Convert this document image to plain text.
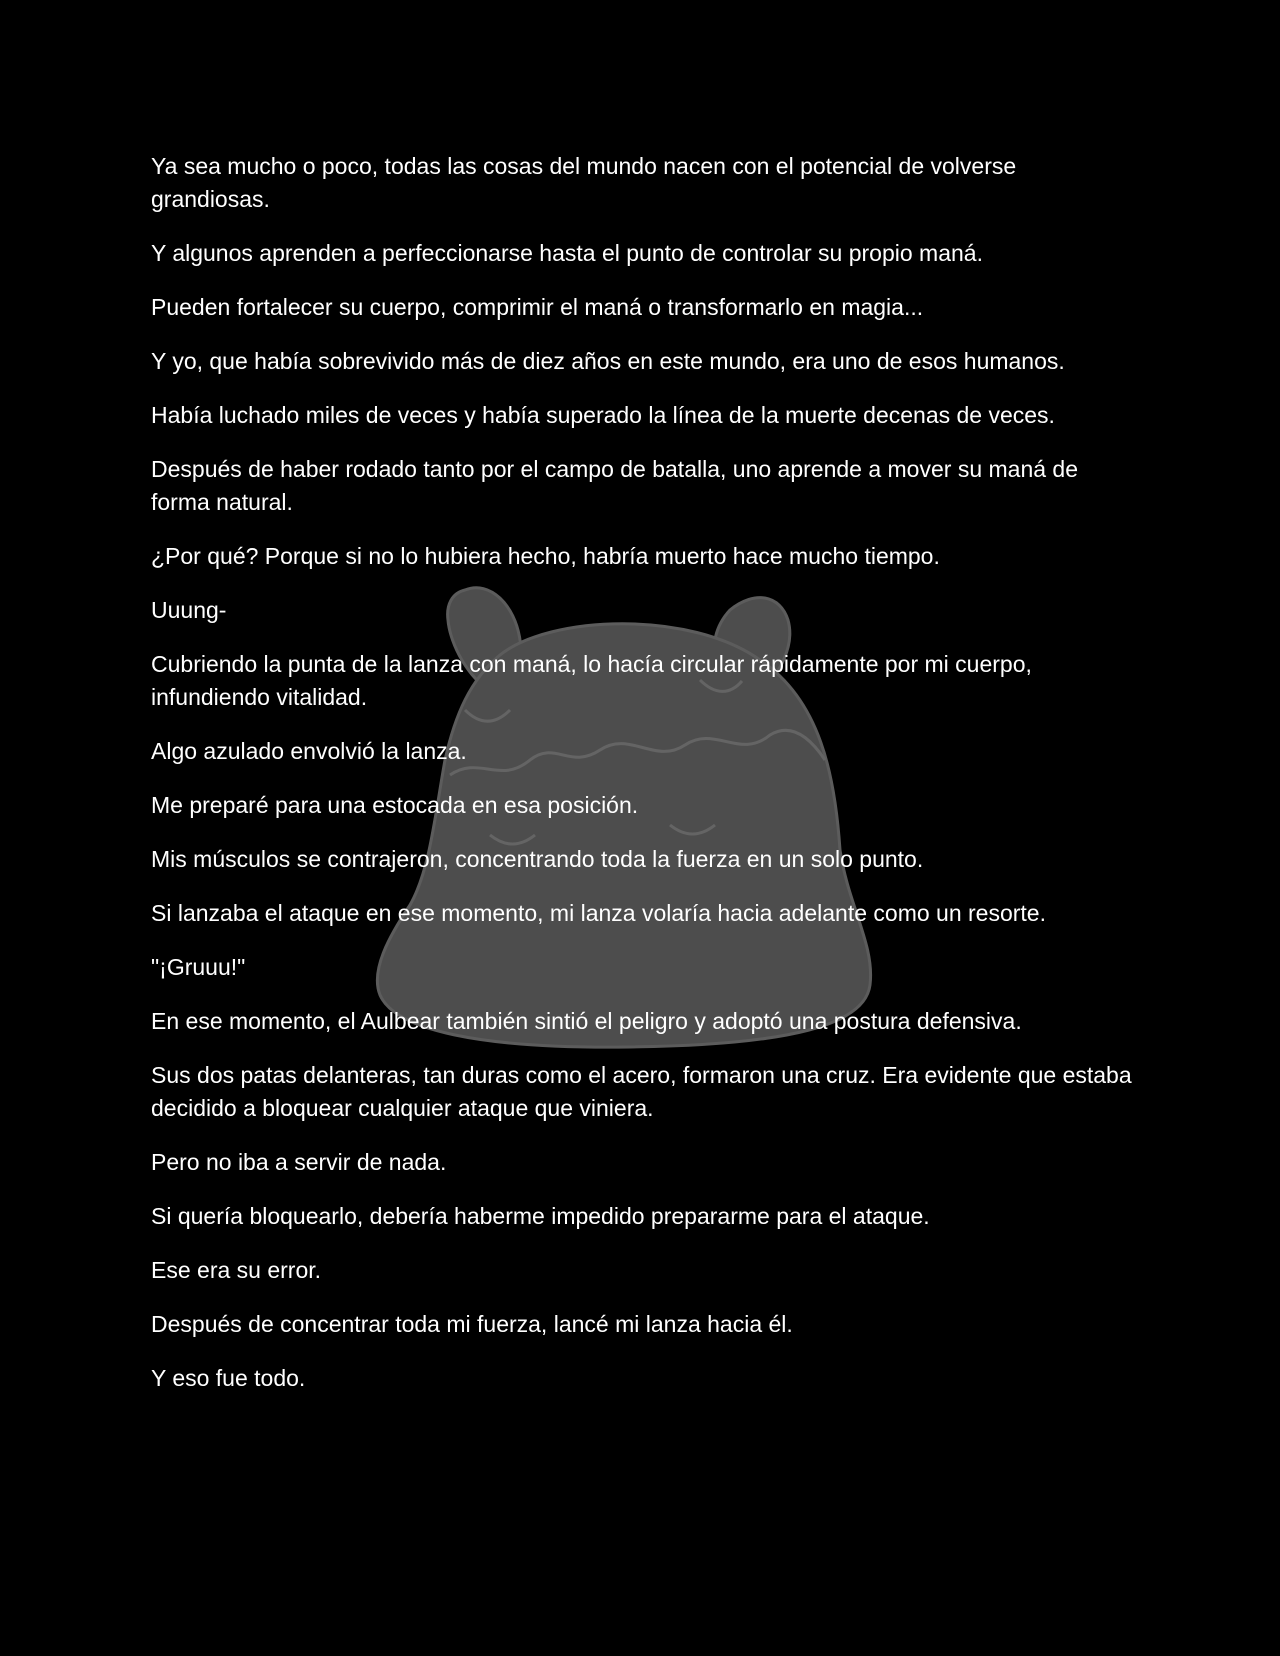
Ya sea mucho o poco, todas las cosas del mundo nacen con el potencial de volverse grandiosas.

Y algunos aprenden a perfeccionarse hasta el punto de controlar su propio maná.

Pueden fortalecer su cuerpo, comprimir el maná o transformarlo en magia...

Y yo, que había sobrevivido más de diez años en este mundo, era uno de esos humanos.

Había luchado miles de veces y había superado la línea de la muerte decenas de veces.

Después de haber rodado tanto por el campo de batalla, uno aprende a mover su maná de forma natural.

¿Por qué? Porque si no lo hubiera hecho, habría muerto hace mucho tiempo.

Uuung-

Cubriendo la punta de la lanza con maná, lo hacía circular rápidamente por mi cuerpo, infundiendo vitalidad.

Algo azulado envolvió la lanza.

Me preparé para una estocada en esa posición.

Mis músculos se contrajeron, concentrando toda la fuerza en un solo punto.

Si lanzaba el ataque en ese momento, mi lanza volaría hacia adelante como un resorte.

"¡Gruuu!"

En ese momento, el Aulbear también sintió el peligro y adoptó una postura defensiva.

Sus dos patas delanteras, tan duras como el acero, formaron una cruz. Era evidente que estaba decidido a bloquear cualquier ataque que viniera.

Pero no iba a servir de nada.

Si quería bloquearlo, debería haberme impedido prepararme para el ataque.

Ese era su error.

Después de concentrar toda mi fuerza, lancé mi lanza hacia él.

Y eso fue todo.
